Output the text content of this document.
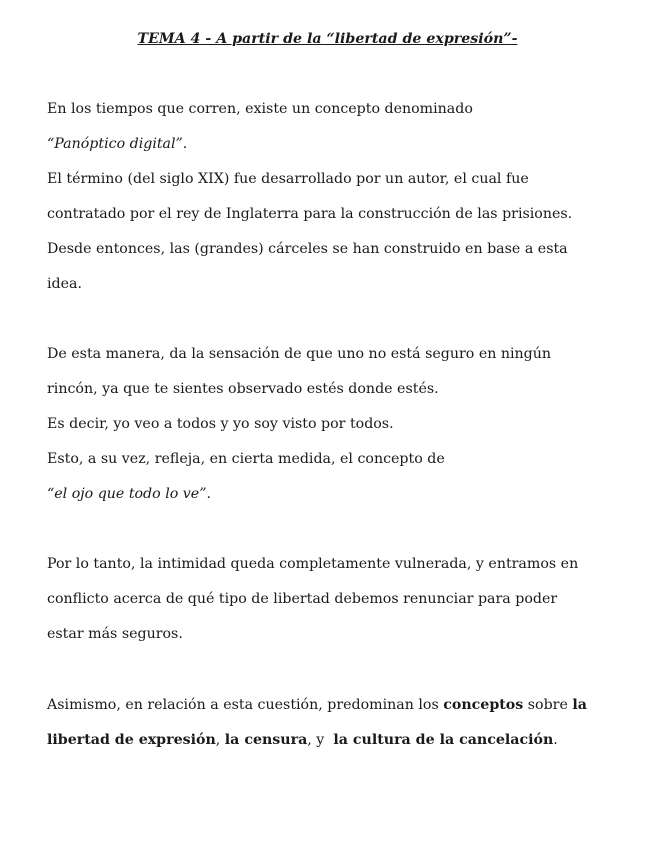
TEMA 4 - A partir de la “libertad de expresión”-
En los tiempos que corren, existe un concepto denominado
“Panóptico digital”.
El término (del siglo XIX) fue desarrollado por un autor, el cual fue
contratado por el rey de Inglaterra para la construcción de las prisiones.
Desde entonces, las (grandes) cárceles se han construido en base a esta
idea.
De esta manera, da la sensación de que uno no está seguro en ningún
rincón, ya que te sientes observado estés donde estés.
Es decir, yo veo a todos y yo soy visto por todos.
Esto, a su vez, refleja, en cierta medida, el concepto de
“el ojo que todo lo ve”.
Por lo tanto, la intimidad queda completamente vulnerada, y entramos en
conflicto acerca de qué tipo de libertad debemos renunciar para poder
estar más seguros.
Asimismo, en relación a esta cuestión, predominan los conceptos sobre la
libertad de expresión, la censura, y  la cultura de la cancelación.
